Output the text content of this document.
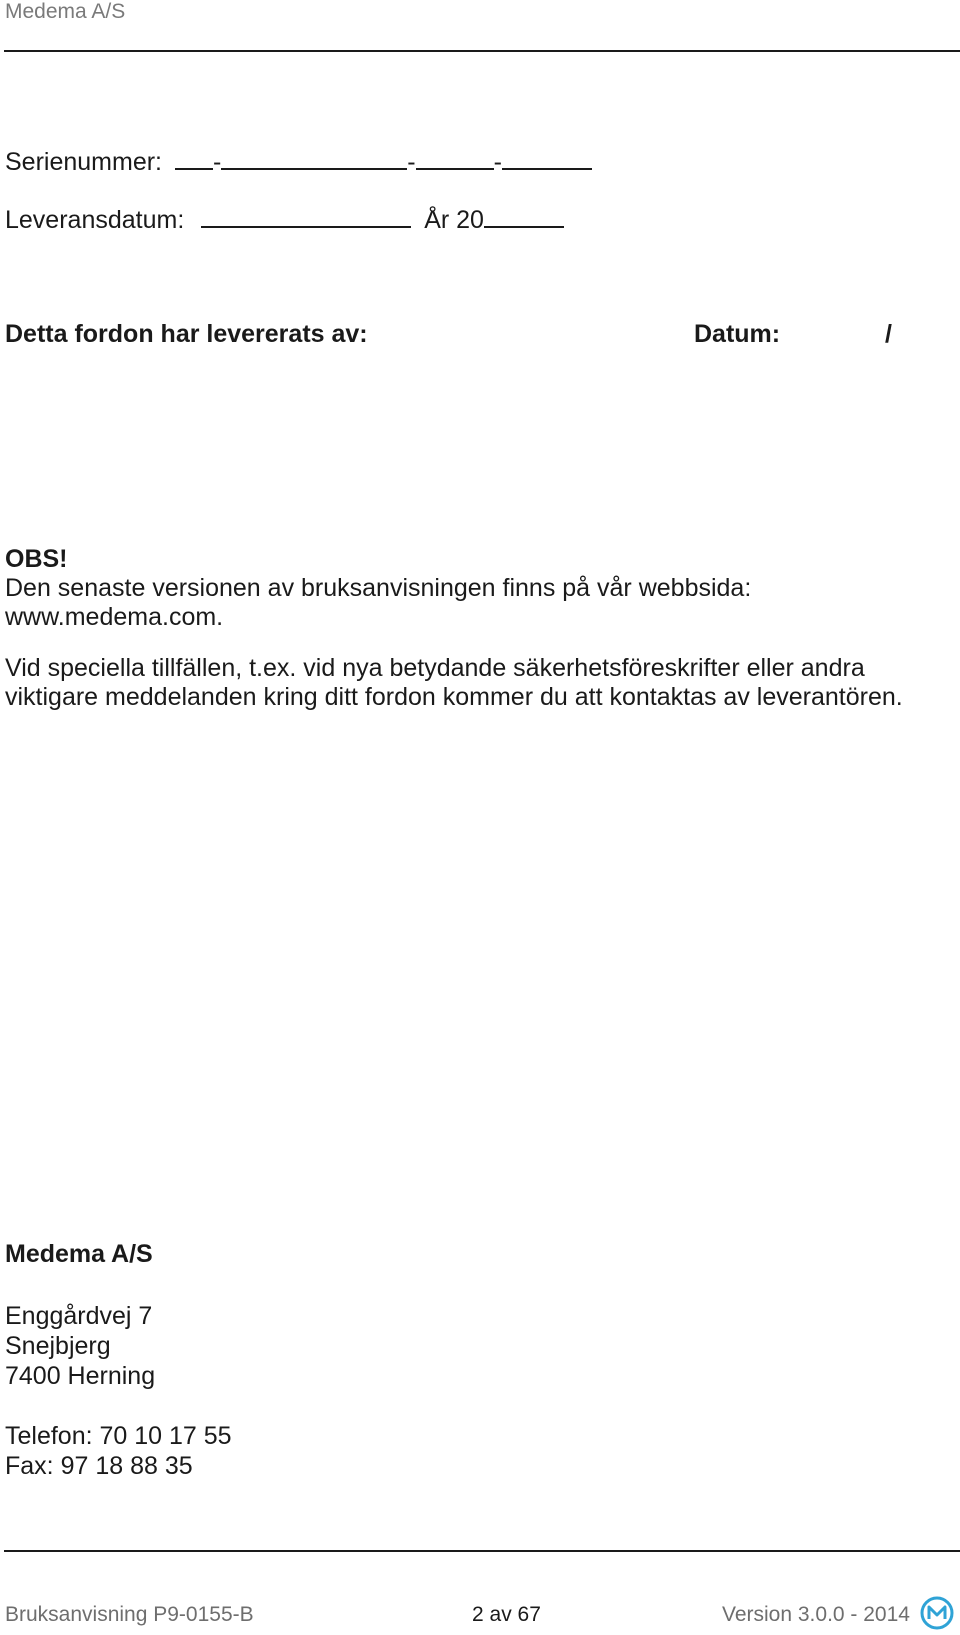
Medema A/S
Serienummer: -	-	-
Leveransdatum:	År 20
Detta fordon har levererats av:	Datum:	/
OBS!
Den senaste versionen av bruksanvisningen finns på vår webbsida:
www.medema.com.
Vid speciella tillfällen, t.ex. vid nya betydande säkerhetsföreskrifter eller andra
viktigare meddelanden kring ditt fordon kommer du att kontaktas av leverantören.
Medema A/S
Enggårdvej 7
Snejbjerg
7400 Herning
Telefon: 70 10 17 55
Fax: 97 18 88 35
Bruksanvisning P9-0155-B	2 av 67	Version 3.0.0 - 2014
